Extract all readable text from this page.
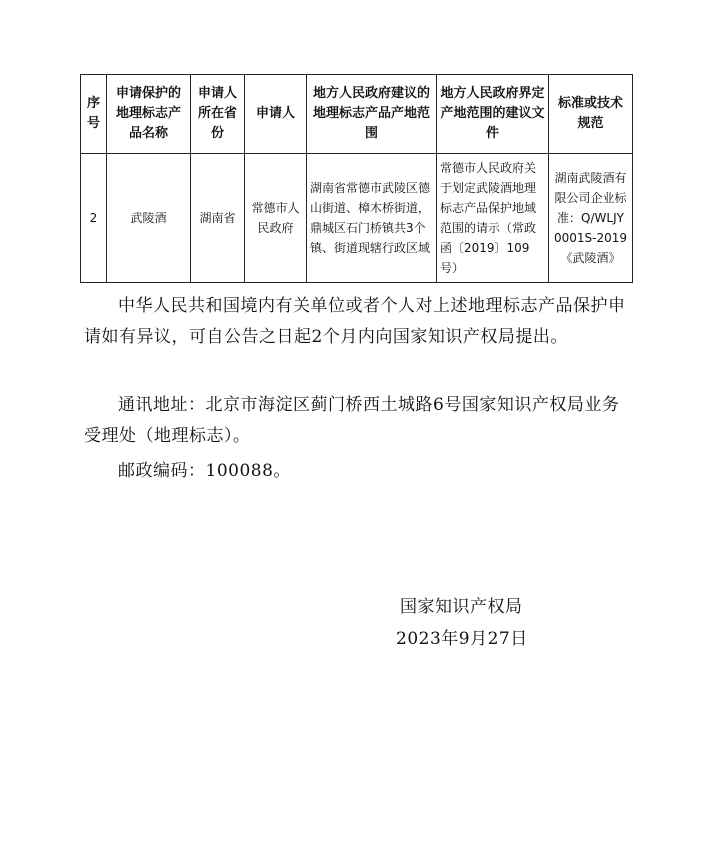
序号	申请保护的地理标志产品名称	申请人所在省份	申请人	地方人民政府建议的地理标志产品产地范围	地方人民政府界定产地范围的建议文件	标准或技术规范
2	武陵酒	湖南省	常德市人民政府	湖南省常德市武陵区德山街道、樟木桥街道，鼎城区石门桥镇共3个镇、街道现辖行政区域	常德市人民政府关于划定武陵酒地理标志产品保护地域范围的请示（常政函〔2019〕109号）	湖南武陵酒有限公司企业标准：Q/WLJY 0001S-2019《武陵酒》

中华人民共和国境内有关单位或者个人对上述地理标志产品保护申请如有异议，可自公告之日起2个月内向国家知识产权局提出。

通讯地址：北京市海淀区蓟门桥西土城路6号国家知识产权局业务受理处（地理标志）。

邮政编码：100088。

国家知识产权局
2023年9月27日
